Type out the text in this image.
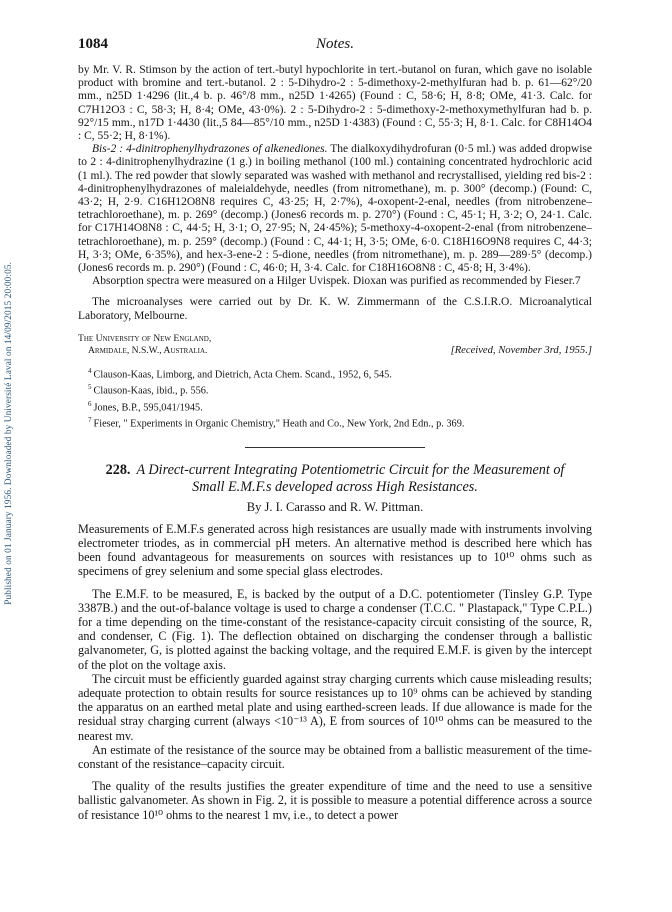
Published on 01 January 1956. Downloaded by Université Laval on 14/09/2015 20:00:05.
1084	Notes.

by Mr. V. R. Stimson by the action of tert.-butyl hypochlorite in tert.-butanol on furan, which gave no isolable product with bromine and tert.-butanol. 2 : 5-Dihydro-2 : 5-dimethoxy-2-methylfuran had b. p. 61—62°/20 mm., n25D 1·4296 (lit.,4 b. p. 46°/8 mm., n25D 1·4265) (Found : C, 58·6; H, 8·8; OMe, 41·3. Calc. for C7H12O3 : C, 58·3; H, 8·4; OMe, 43·0%). 2 : 5-Dihydro-2 : 5-dimethoxy-2-methoxymethylfuran had b. p. 92°/15 mm., n17D 1·4430 (lit.,5 84—85°/10 mm., n25D 1·4383) (Found : C, 55·3; H, 8·1. Calc. for C8H14O4 : C, 55·2; H, 8·1%).

Bis-2 : 4-dinitrophenylhydrazones of alkenediones. The dialkoxydihydrofuran (0·5 ml.) was added dropwise to 2 : 4-dinitrophenylhydrazine (1 g.) in boiling methanol (100 ml.) containing concentrated hydrochloric acid (1 ml.). The red powder that slowly separated was washed with methanol and recrystallised, yielding red bis-2 : 4-dinitrophenylhydrazones of maleialdehyde, needles (from nitromethane), m. p. 300° (decomp.) (Found: C, 43·2; H, 2·9. C16H12O8N8 requires C, 43·25; H, 2·7%), 4-oxopent-2-enal, needles (from nitrobenzene–tetrachloroethane), m. p. 269° (decomp.) (Jones6 records m. p. 270°) (Found : C, 45·1; H, 3·2; O, 24·1. Calc. for C17H14O8N8 : C, 44·5; H, 3·1; O, 27·95; N, 24·45%); 5-methoxy-4-oxopent-2-enal (from nitrobenzene–tetrachloroethane), m. p. 259° (decomp.) (Found : C, 44·1; H, 3·5; OMe, 6·0. C18H16O9N8 requires C, 44·3; H, 3·3; OMe, 6·35%), and hex-3-ene-2 : 5-dione, needles (from nitromethane), m. p. 289—289·5° (decomp.) (Jones6 records m. p. 290°) (Found : C, 46·0; H, 3·4. Calc. for C18H16O8N8 : C, 45·8; H, 3·4%).

Absorption spectra were measured on a Hilger Uvispek. Dioxan was purified as recommended by Fieser.7

The microanalyses were carried out by Dr. K. W. Zimmermann of the C.S.I.R.O. Microanalytical Laboratory, Melbourne.

The University of New England,
Armidale, N.S.W., Australia.	[Received, November 3rd, 1955.]
$^4$ Clauson-Kaas, Limborg, and Dietrich, Acta Chem. Scand., 1952, 6, 545.
$^5$ Clauson-Kaas, ibid., p. 556.
$^6$ Jones, B.P., 595,041/1945.
$^7$ Fieser, " Experiments in Organic Chemistry," Heath and Co., New York, 2nd Edn., p. 369.
228. A Direct-current Integrating Potentiometric Circuit for the Measurement of Small E.M.F.s developed across High Resistances.

By J. I. Carasso and R. W. Pittman.

Measurements of E.M.F.s generated across high resistances are usually made with instruments involving electrometer triodes, as in commercial pH meters. An alternative method is described here which has been found advantageous for measurements on sources with resistances up to 10¹⁰ ohms such as specimens of grey selenium and some special glass electrodes.

The E.M.F. to be measured, E, is backed by the output of a D.C. potentiometer (Tinsley G.P. Type 3387B.) and the out-of-balance voltage is used to charge a condenser (T.C.C. " Plastapack," Type C.P.L.) for a time depending on the time-constant of the resistance-capacity circuit consisting of the source, R, and condenser, C (Fig. 1). The deflection obtained on discharging the condenser through a ballistic galvanometer, G, is plotted against the backing voltage, and the required E.M.F. is given by the intercept of the plot on the voltage axis.

The circuit must be efficiently guarded against stray charging currents which cause misleading results; adequate protection to obtain results for source resistances up to 10⁹ ohms can be achieved by standing the apparatus on an earthed metal plate and using earthed-screen leads. If due allowance is made for the residual stray charging current (always <10⁻¹³ A), E from sources of 10¹⁰ ohms can be measured to the nearest mv.

An estimate of the resistance of the source may be obtained from a ballistic measurement of the time-constant of the resistance–capacity circuit.

The quality of the results justifies the greater expenditure of time and the need to use a sensitive ballistic galvanometer. As shown in Fig. 2, it is possible to measure a potential difference across a source of resistance 10¹⁰ ohms to the nearest 1 mv, i.e., to detect a power
